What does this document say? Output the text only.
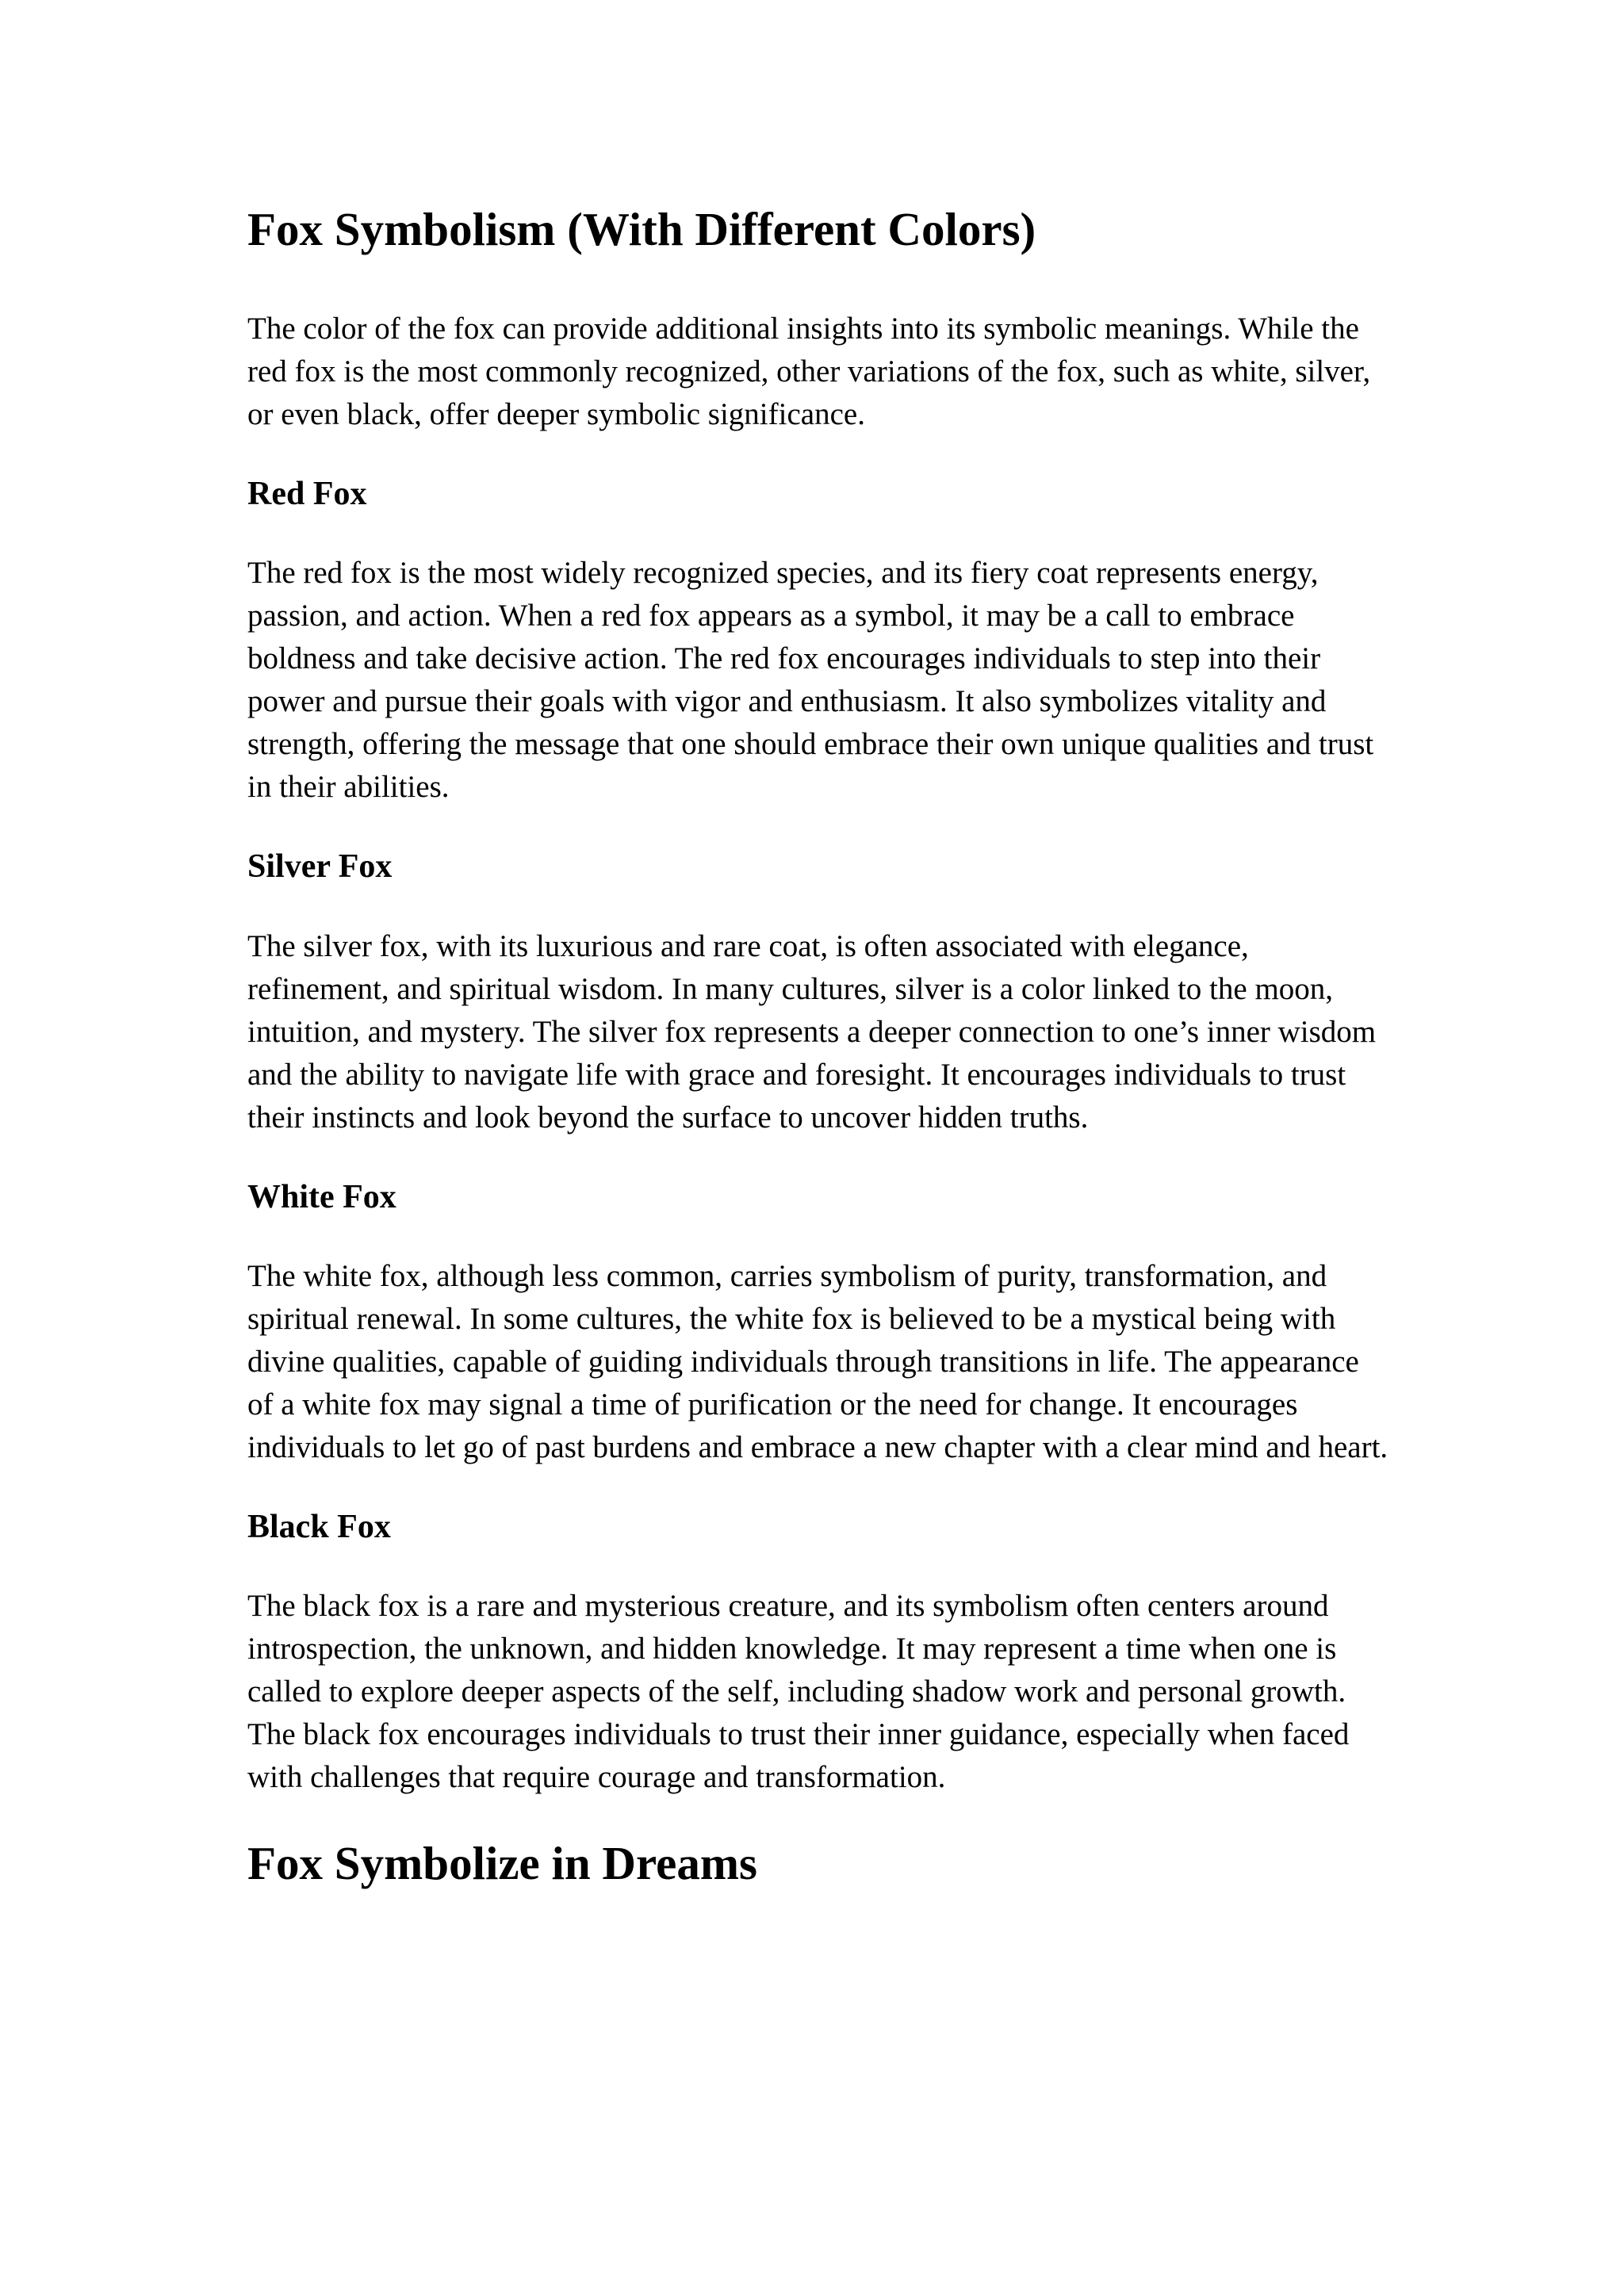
Fox Symbolism (With Different Colors)

The color of the fox can provide additional insights into its symbolic meanings. While the red fox is the most commonly recognized, other variations of the fox, such as white, silver, or even black, offer deeper symbolic significance.

Red Fox

The red fox is the most widely recognized species, and its fiery coat represents energy, passion, and action. When a red fox appears as a symbol, it may be a call to embrace boldness and take decisive action. The red fox encourages individuals to step into their power and pursue their goals with vigor and enthusiasm. It also symbolizes vitality and strength, offering the message that one should embrace their own unique qualities and trust in their abilities.

Silver Fox

The silver fox, with its luxurious and rare coat, is often associated with elegance, refinement, and spiritual wisdom. In many cultures, silver is a color linked to the moon, intuition, and mystery. The silver fox represents a deeper connection to one’s inner wisdom and the ability to navigate life with grace and foresight. It encourages individuals to trust their instincts and look beyond the surface to uncover hidden truths.

White Fox

The white fox, although less common, carries symbolism of purity, transformation, and spiritual renewal. In some cultures, the white fox is believed to be a mystical being with divine qualities, capable of guiding individuals through transitions in life. The appearance of a white fox may signal a time of purification or the need for change. It encourages individuals to let go of past burdens and embrace a new chapter with a clear mind and heart.

Black Fox

The black fox is a rare and mysterious creature, and its symbolism often centers around introspection, the unknown, and hidden knowledge. It may represent a time when one is called to explore deeper aspects of the self, including shadow work and personal growth. The black fox encourages individuals to trust their inner guidance, especially when faced with challenges that require courage and transformation.

Fox Symbolize in Dreams
